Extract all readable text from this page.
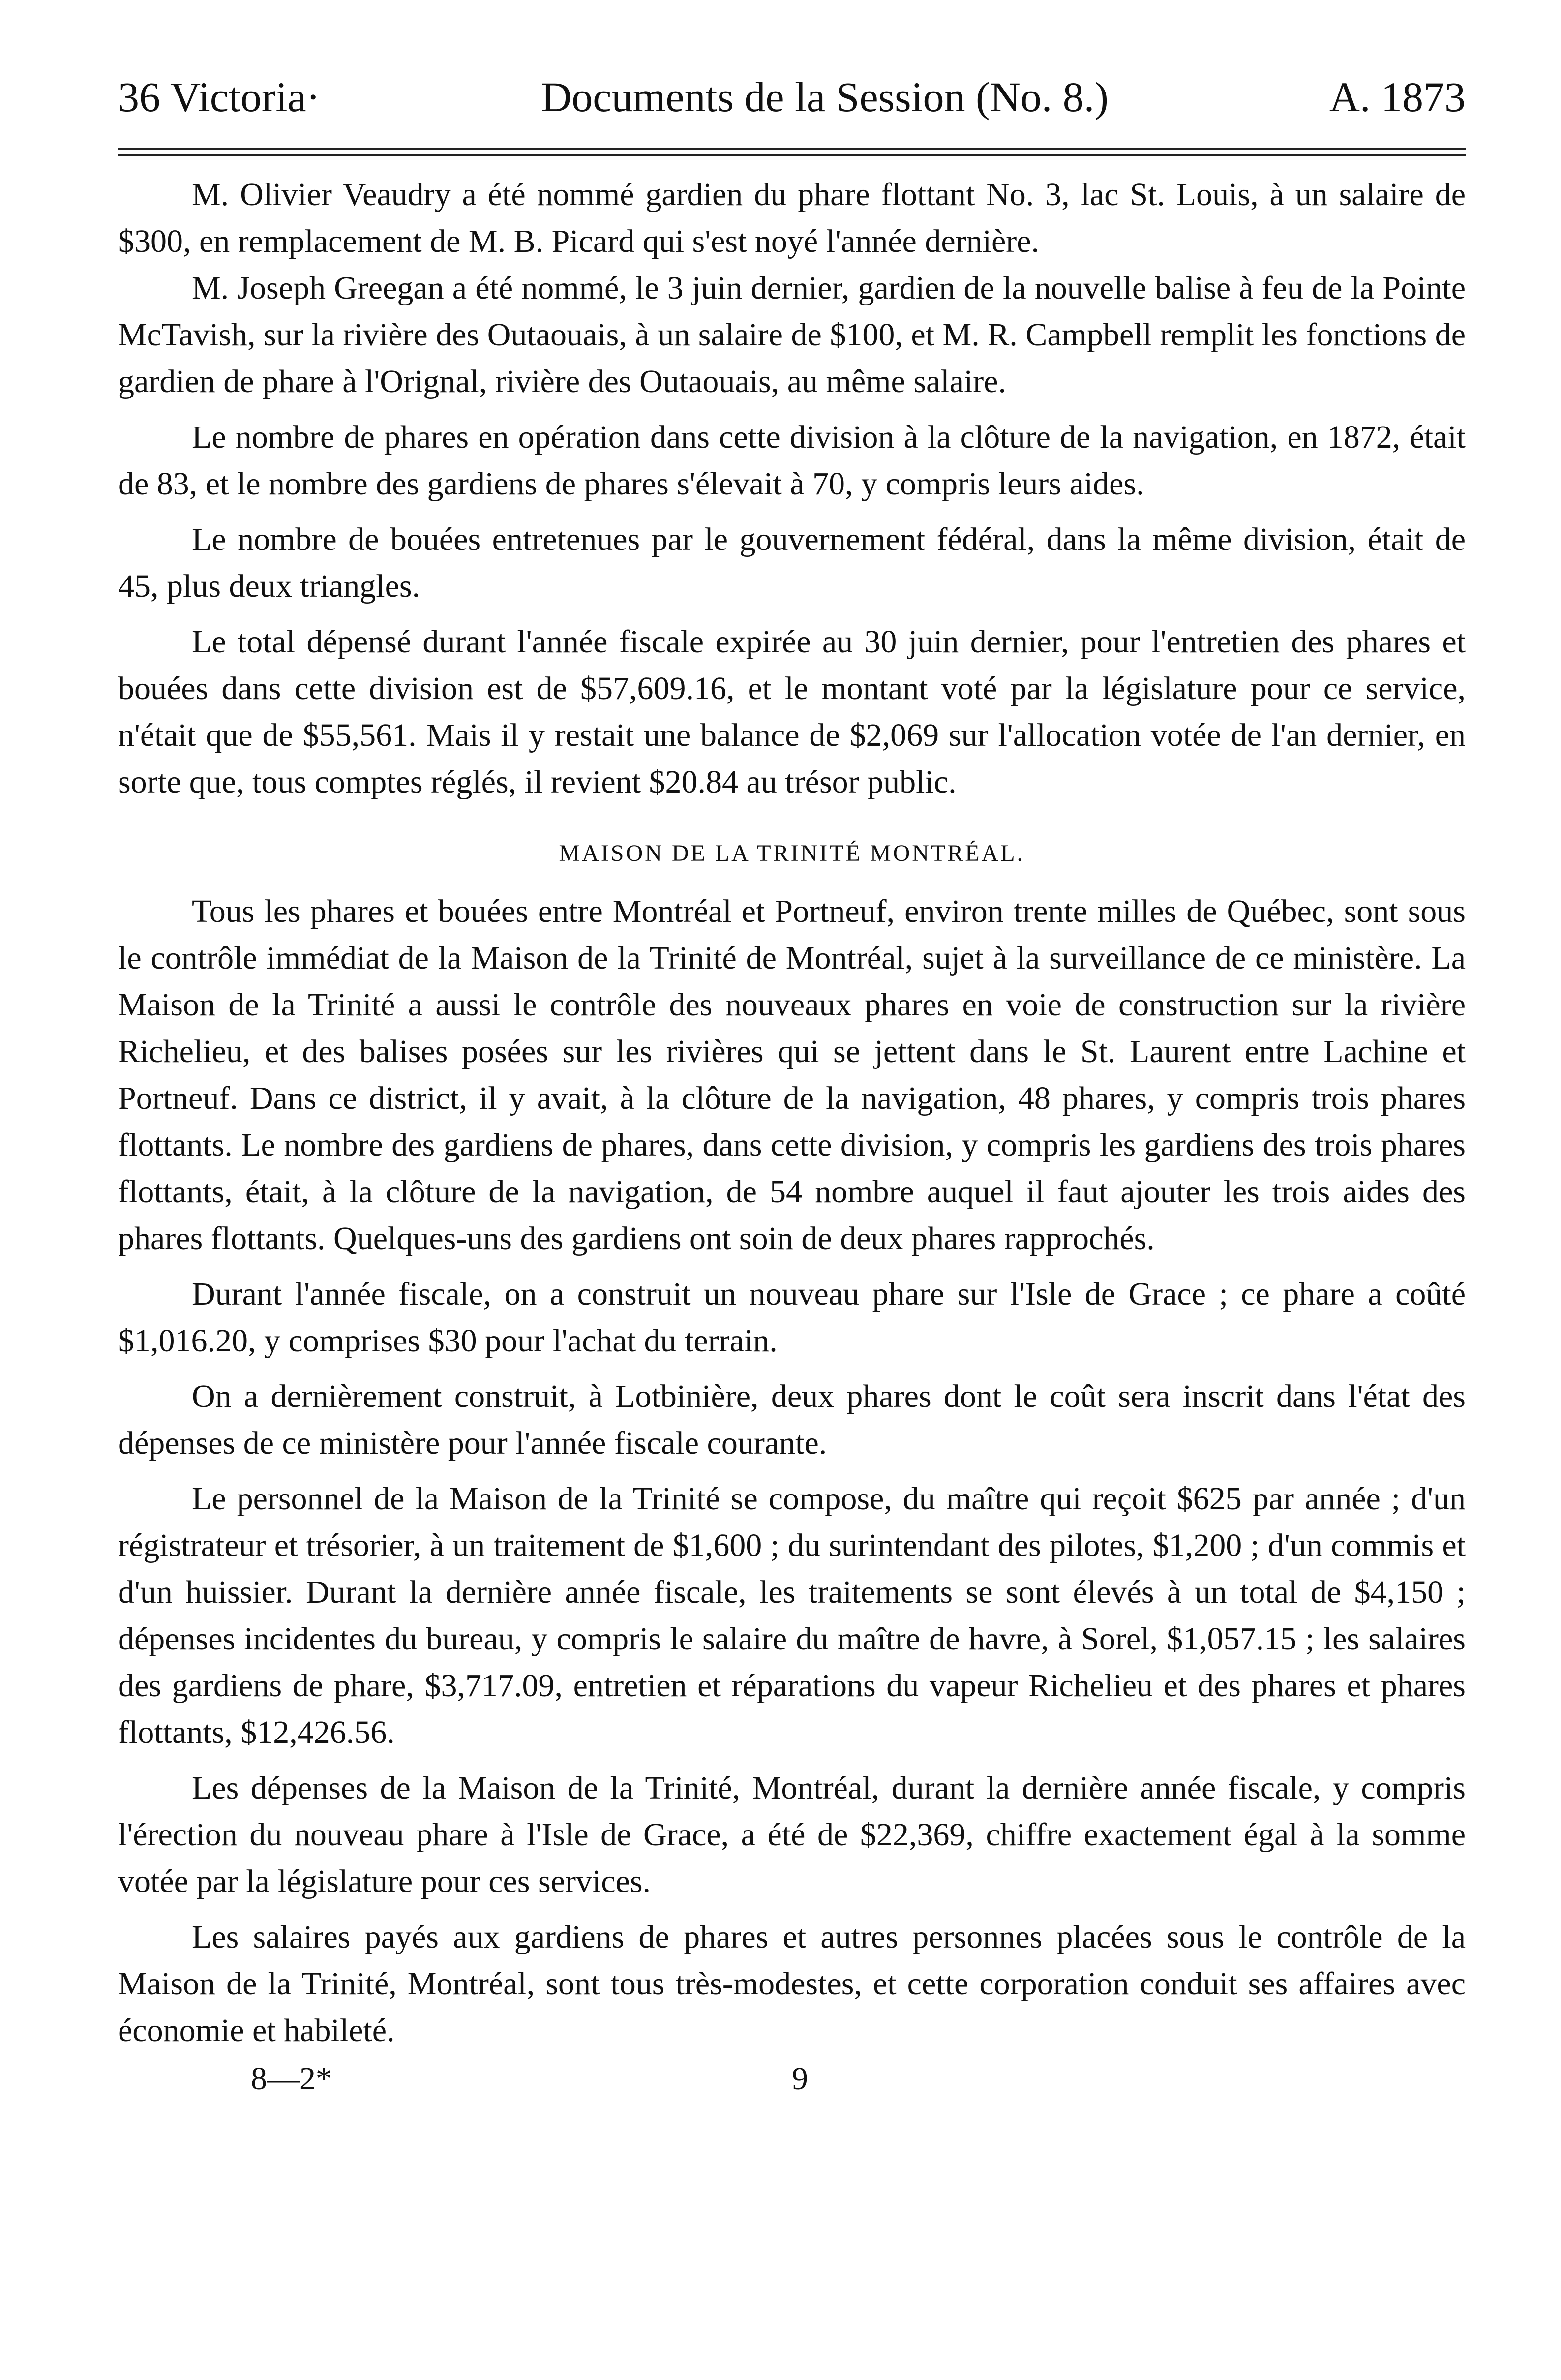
36 Victoria·	Documents de la Session (No. 8.)	A. 1873

M. Olivier Veaudry a été nommé gardien du phare flottant No. 3, lac St. Louis, à un salaire de $300, en remplacement de M. B. Picard qui s'est noyé l'année dernière.

M. Joseph Greegan a été nommé, le 3 juin dernier, gardien de la nouvelle balise à feu de la Pointe McTavish, sur la rivière des Outaouais, à un salaire de $100, et M. R. Campbell remplit les fonctions de gardien de phare à l'Orignal, rivière des Outaouais, au même salaire.

Le nombre de phares en opération dans cette division à la clôture de la navigation, en 1872, était de 83, et le nombre des gardiens de phares s'élevait à 70, y compris leurs aides.

Le nombre de bouées entretenues par le gouvernement fédéral, dans la même division, était de 45, plus deux triangles.

Le total dépensé durant l'année fiscale expirée au 30 juin dernier, pour l'entretien des phares et bouées dans cette division est de $57,609.16, et le montant voté par la législature pour ce service, n'était que de $55,561. Mais il y restait une balance de $2,069 sur l'allocation votée de l'an dernier, en sorte que, tous comptes réglés, il revient $20.84 au trésor public.

MAISON DE LA TRINITÉ MONTRÉAL.

Tous les phares et bouées entre Montréal et Portneuf, environ trente milles de Québec, sont sous le contrôle immédiat de la Maison de la Trinité de Montréal, sujet à la surveillance de ce ministère. La Maison de la Trinité a aussi le contrôle des nouveaux phares en voie de construction sur la rivière Richelieu, et des balises posées sur les rivières qui se jettent dans le St. Laurent entre Lachine et Portneuf. Dans ce district, il y avait, à la clôture de la navigation, 48 phares, y compris trois phares flottants. Le nombre des gardiens de phares, dans cette division, y compris les gardiens des trois phares flottants, était, à la clôture de la navigation, de 54 nombre auquel il faut ajouter les trois aides des phares flottants. Quelques-uns des gardiens ont soin de deux phares rapprochés.

Durant l'année fiscale, on a construit un nouveau phare sur l'Isle de Grace ; ce phare a coûté $1,016.20, y comprises $30 pour l'achat du terrain.

On a dernièrement construit, à Lotbinière, deux phares dont le coût sera inscrit dans l'état des dépenses de ce ministère pour l'année fiscale courante.

Le personnel de la Maison de la Trinité se compose, du maître qui reçoit $625 par année ; d'un régistrateur et trésorier, à un traitement de $1,600 ; du surintendant des pilotes, $1,200 ; d'un commis et d'un huissier. Durant la dernière année fiscale, les traitements se sont élevés à un total de $4,150 ; dépenses incidentes du bureau, y compris le salaire du maître de havre, à Sorel, $1,057.15 ; les salaires des gardiens de phare, $3,717.09, entretien et réparations du vapeur Richelieu et des phares et phares flottants, $12,426.56.

Les dépenses de la Maison de la Trinité, Montréal, durant la dernière année fiscale, y compris l'érection du nouveau phare à l'Isle de Grace, a été de $22,369, chiffre exactement égal à la somme votée par la législature pour ces services.

Les salaires payés aux gardiens de phares et autres personnes placées sous le contrôle de la Maison de la Trinité, Montréal, sont tous très-modestes, et cette corporation conduit ses affaires avec économie et habileté.

8—2*	9
